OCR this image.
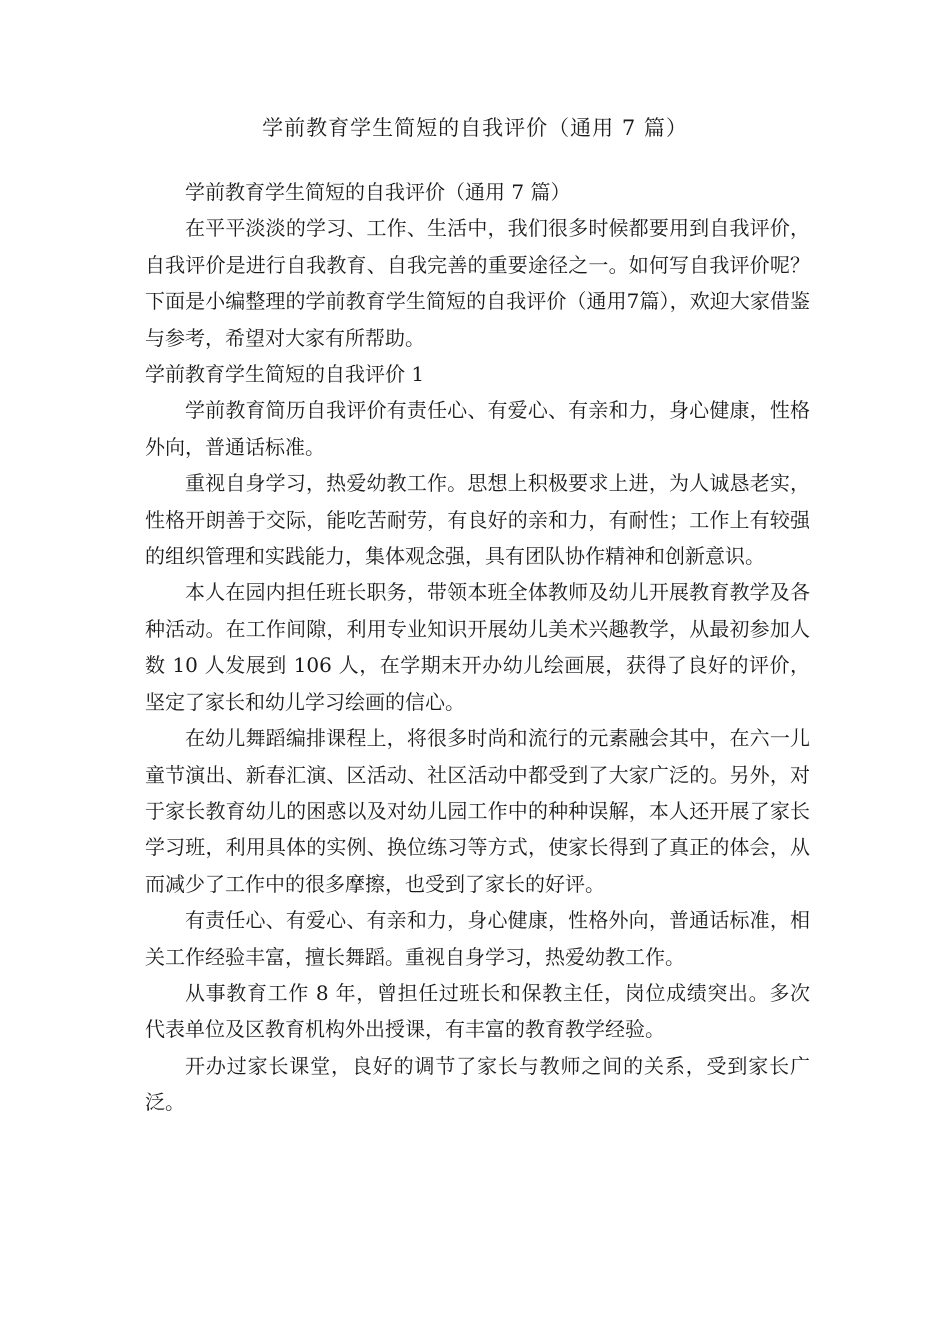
学前教育学生简短的自我评价（通用 7 篇）

学前教育学生简短的自我评价（通用 7 篇）

在平平淡淡的学习、工作、生活中，我们很多时候都要用到自我评价，自我评价是进行自我教育、自我完善的重要途径之一。如何写自我评价呢？下面是小编整理的学前教育学生简短的自我评价（通用7篇），欢迎大家借鉴与参考，希望对大家有所帮助。

学前教育学生简短的自我评价 1

学前教育简历自我评价有责任心、有爱心、有亲和力，身心健康，性格外向，普通话标准。

重视自身学习，热爱幼教工作。思想上积极要求上进，为人诚恳老实，性格开朗善于交际，能吃苦耐劳，有良好的亲和力，有耐性；工作上有较强的组织管理和实践能力，集体观念强，具有团队协作精神和创新意识。

本人在园内担任班长职务，带领本班全体教师及幼儿开展教育教学及各种活动。在工作间隙，利用专业知识开展幼儿美术兴趣教学，从最初参加人数 10 人发展到 106 人，在学期末开办幼儿绘画展，获得了良好的评价，坚定了家长和幼儿学习绘画的信心。

在幼儿舞蹈编排课程上，将很多时尚和流行的元素融会其中，在六一儿童节演出、新春汇演、区活动、社区活动中都受到了大家广泛的。另外，对于家长教育幼儿的困惑以及对幼儿园工作中的种种误解，本人还开展了家长学习班，利用具体的实例、换位练习等方式，使家长得到了真正的体会，从而减少了工作中的很多摩擦，也受到了家长的好评。

有责任心、有爱心、有亲和力，身心健康，性格外向，普通话标准，相关工作经验丰富，擅长舞蹈。重视自身学习，热爱幼教工作。

从事教育工作 8 年，曾担任过班长和保教主任，岗位成绩突出。多次代表单位及区教育机构外出授课，有丰富的教育教学经验。

开办过家长课堂，良好的调节了家长与教师之间的关系，受到家长广泛。
